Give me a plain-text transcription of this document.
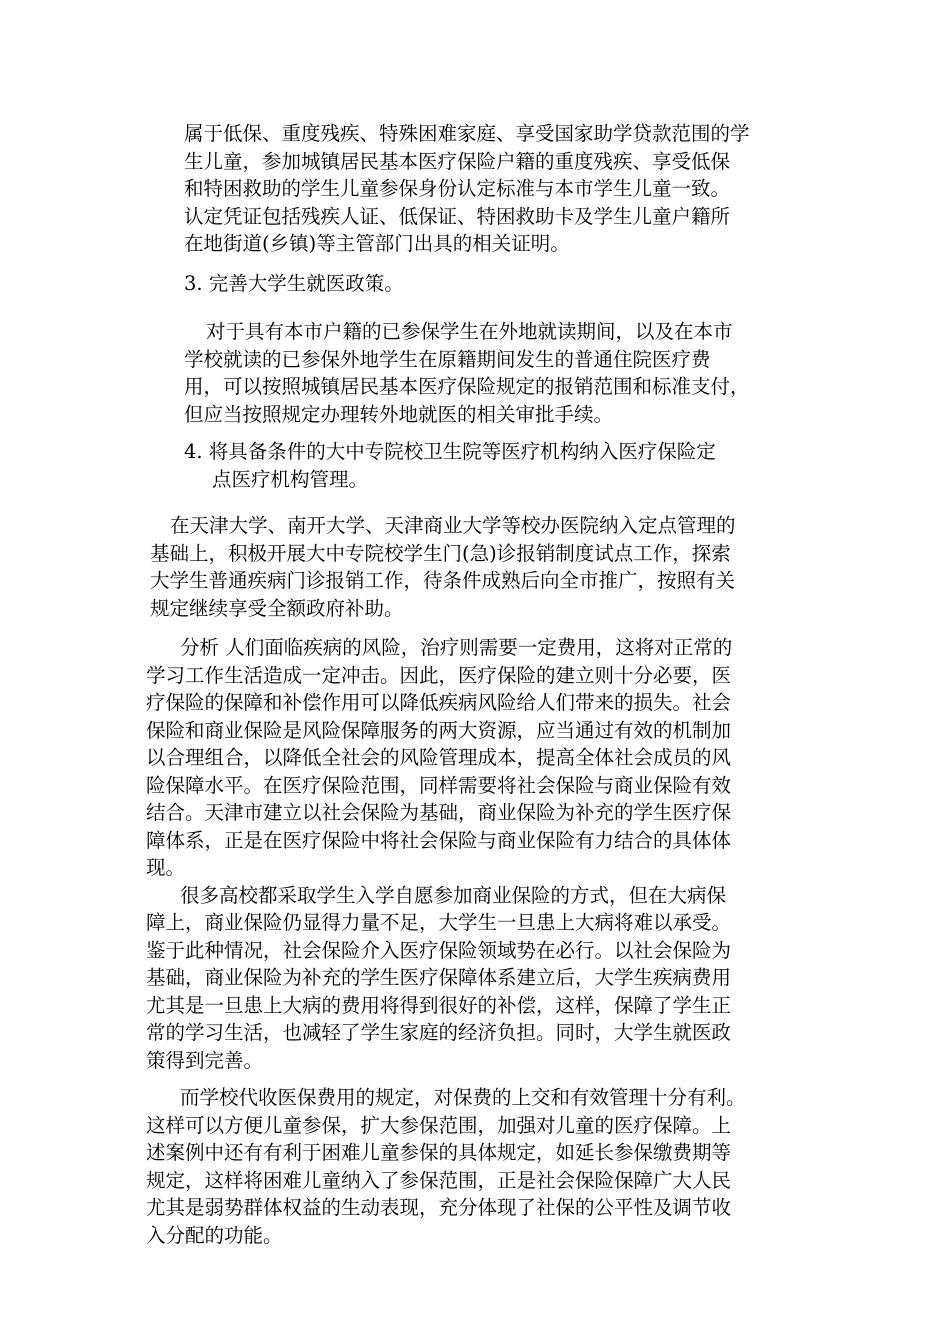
属于低保、重度残疾、特殊困难家庭、享受国家助学贷款范围的学
生儿童，参加城镇居民基本医疗保险户籍的重度残疾、享受低保
和特困救助的学生儿童参保身份认定标准与本市学生儿童一致。
认定凭证包括残疾人证、低保证、特困救助卡及学生儿童户籍所
在地街道(乡镇)等主管部门出具的相关证明。
3. 完善大学生就医政策。
对于具有本市户籍的已参保学生在外地就读期间，以及在本市
学校就读的已参保外地学生在原籍期间发生的普通住院医疗费
用，可以按照城镇居民基本医疗保险规定的报销范围和标准支付，
但应当按照规定办理转外地就医的相关审批手续。
4. 将具备条件的大中专院校卫生院等医疗机构纳入医疗保险定
点医疗机构管理。
在天津大学、南开大学、天津商业大学等校办医院纳入定点管理的
基础上，积极开展大中专院校学生门(急)诊报销制度试点工作，探索
大学生普通疾病门诊报销工作，待条件成熟后向全市推广，按照有关
规定继续享受全额政府补助。
分析 人们面临疾病的风险，治疗则需要一定费用，这将对正常的
学习工作生活造成一定冲击。因此，医疗保险的建立则十分必要，医
疗保险的保障和补偿作用可以降低疾病风险给人们带来的损失。社会
保险和商业保险是风险保障服务的两大资源，应当通过有效的机制加
以合理组合，以降低全社会的风险管理成本，提高全体社会成员的风
险保障水平。在医疗保险范围，同样需要将社会保险与商业保险有效
结合。天津市建立以社会保险为基础，商业保险为补充的学生医疗保
障体系，正是在医疗保险中将社会保险与商业保险有力结合的具体体
现。
很多高校都采取学生入学自愿参加商业保险的方式，但在大病保
障上，商业保险仍显得力量不足，大学生一旦患上大病将难以承受。
鉴于此种情况，社会保险介入医疗保险领域势在必行。以社会保险为
基础，商业保险为补充的学生医疗保障体系建立后，大学生疾病费用
尤其是一旦患上大病的费用将得到很好的补偿，这样，保障了学生正
常的学习生活，也减轻了学生家庭的经济负担。同时，大学生就医政
策得到完善。
而学校代收医保费用的规定，对保费的上交和有效管理十分有利。
这样可以方便儿童参保，扩大参保范围，加强对儿童的医疗保障。上
述案例中还有有利于困难儿童参保的具体规定，如延长参保缴费期等
规定，这样将困难儿童纳入了参保范围，正是社会保险保障广大人民
尤其是弱势群体权益的生动表现，充分体现了社保的公平性及调节收
入分配的功能。
